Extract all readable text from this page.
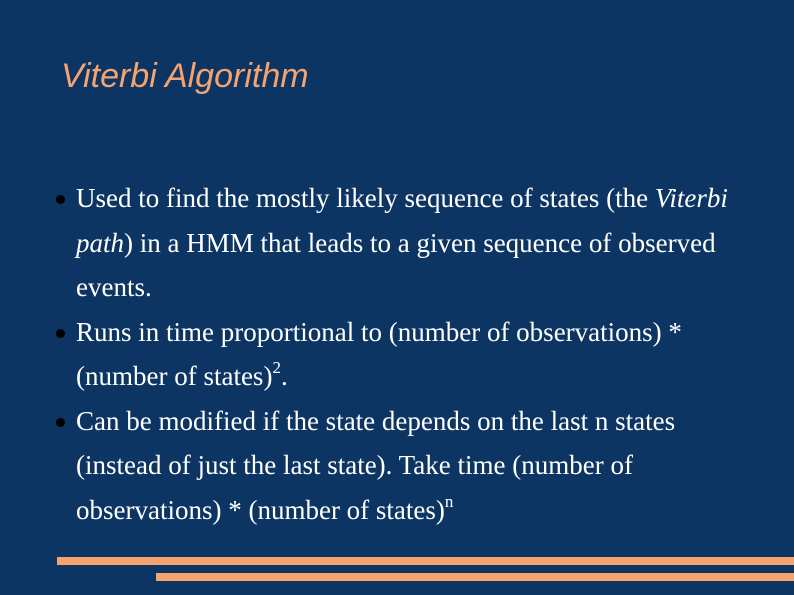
Viterbi Algorithm
Used to find the mostly likely sequence of states (the Viterbi path) in a HMM that leads to a given sequence of observed events.
Runs in time proportional to (number of observations) * (number of states)$^2$.
Can be modified if the state depends on the last n states (instead of just the last state). Take time (number of observations) * (number of states)$^n$
